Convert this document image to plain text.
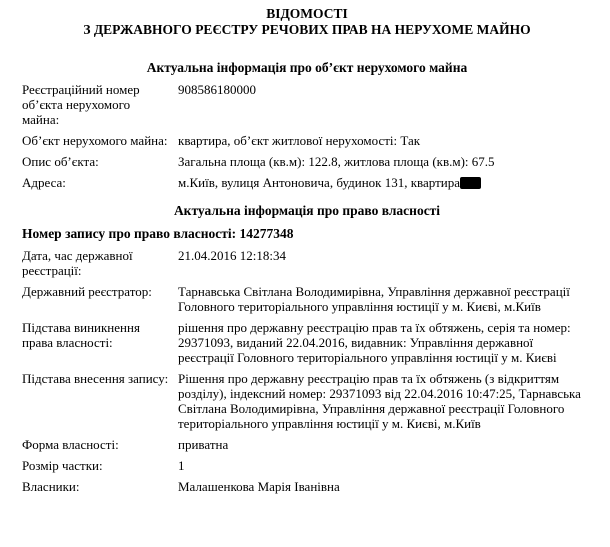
ВІДОМОСТІ
З ДЕРЖАВНОГО РЕЄСТРУ РЕЧОВИХ ПРАВ НА НЕРУХОМЕ МАЙНО
Актуальна інформація про об’єкт нерухомого майна
Реєстраційний номер об’єкта нерухомого майна:
908586180000
Об’єкт нерухомого майна: квартира, об’єкт житлової нерухомості: Так
Опис об’єкта:	Загальна площа (кв.м): 122.8, житлова площа (кв.м): 67.5
Адреса:	м.Київ, вулиця Антоновича, будинок 131, квартира
Актуальна інформація про право власності
Номер запису про право власності: 14277348
Дата, час державної реєстрації:
21.04.2016 12:18:34
Державний реєстратор:	Тарнавська Світлана Володимирівна, Управління державної реєстрації Головного територіального управління юстиції у м. Києві, м.Київ
Підстава виникнення права власності:
рішення про державну реєстрацію прав та їх обтяжень, серія та номер: 29371093, виданий 22.04.2016, видавник: Управління державної реєстрації Головного територіального управління юстиції у м. Києві
Підстава внесення запису: Рішення про державну реєстрацію прав та їх обтяжень (з відкриттям розділу), індексний номер: 29371093 від 22.04.2016 10:47:25, Тарнавська Світлана Володимирівна, Управління державної реєстрації Головного територіального управління юстиції у м. Києві, м.Київ
Форма власності:	приватна
Розмір частки:	1
Власники:	Малашенкова Марія Іванівна
